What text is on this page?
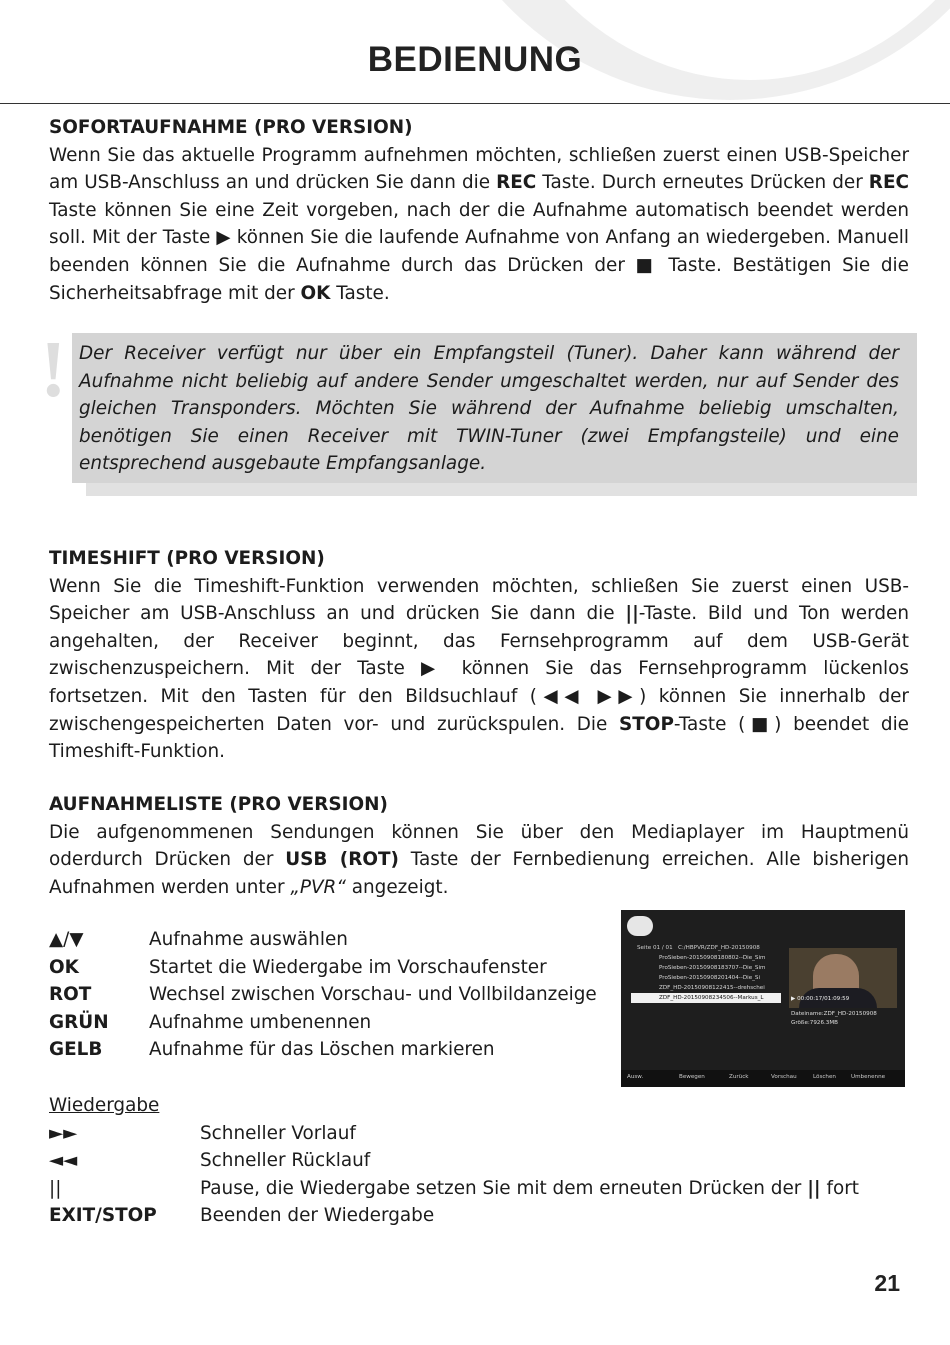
BEDIENUNG
SOFORTAUFNAHME (PRO VERSION)
Wenn Sie das aktuelle Programm aufnehmen möchten, schließen zuerst einen USB-Speicher am USB-Anschluss an und drücken Sie dann die REC Taste. Durch erneutes Drücken der REC Taste können Sie eine Zeit vorgeben, nach der die Aufnahme automatisch beendet werden soll. Mit der Taste ▶ können Sie die laufende Aufnahme von Anfang an wiedergeben. Manuell beenden können Sie die Aufnahme durch das Drücken der ■ Taste. Bestätigen Sie die Sicherheitsabfrage mit der OK Taste.
! Der Receiver verfügt nur über ein Empfangsteil (Tuner). Daher kann während der Aufnahme nicht beliebig auf andere Sender umgeschaltet werden, nur auf Sender des gleichen Transponders. Möchten Sie während der Aufnahme beliebig umschalten, benötigen Sie einen Receiver mit TWIN-Tuner (zwei Empfangsteile) und eine entsprechend ausgebaute Empfangsanlage.
TIMESHIFT (PRO VERSION)
Wenn Sie die Timeshift-Funktion verwenden möchten, schließen Sie zuerst einen USB-Speicher am USB-Anschluss an und drücken Sie dann die ||-Taste. Bild und Ton werden angehalten, der Receiver beginnt, das Fernsehprogramm auf dem USB-Gerät zwischenzuspeichern. Mit der Taste ▶ können Sie das Fernsehprogramm lückenlos fortsetzen. Mit den Tasten für den Bildsuchlauf (◀◀ ▶▶) können Sie innerhalb der zwischengespeicherten Daten vor- und zurückspulen. Die STOP-Taste (■) beendet die Timeshift-Funktion.
AUFNAHMELISTE (PRO VERSION)
Die aufgenommenen Sendungen können Sie über den Mediaplayer im Hauptmenü oderdurch Drücken der USB (ROT) Taste der Fernbedienung erreichen. Alle bisherigen Aufnahmen werden unter „PVR“ angezeigt.
▲/▼	Aufnahme auswählen
OK	Startet die Wiedergabe im Vorschaufenster
ROT	Wechsel zwischen Vorschau- und Vollbildanzeige
GRÜN Aufnahme umbenennen
GELB	Aufnahme für das Löschen markieren
Seite 01 / 01 C:/HBPVR/ZDF_HD-20150908
ProSieben-20150908180802--Die_Sim
ProSieben-20150908183707--Die_Sim
ProSieben-20150908201404--Die_Si
ZDF_HD-20150908122415--drehschei
ZDF_HD-20150908234506--Markus_L	▶ 00:00:17/01:09:59
Dateiname:ZDF_HD-20150908
Größe:7926.3MB
Ausw.	Bewegen	Zurück	Vorschau	Löschen	Umbenenne
Wiedergabe
►►	Schneller Vorlauf
◄◄	Schneller Rücklauf
||	Pause, die Wiedergabe setzen Sie mit dem erneuten Drücken der || fort
EXIT/STOP Beenden der Wiedergabe
21
